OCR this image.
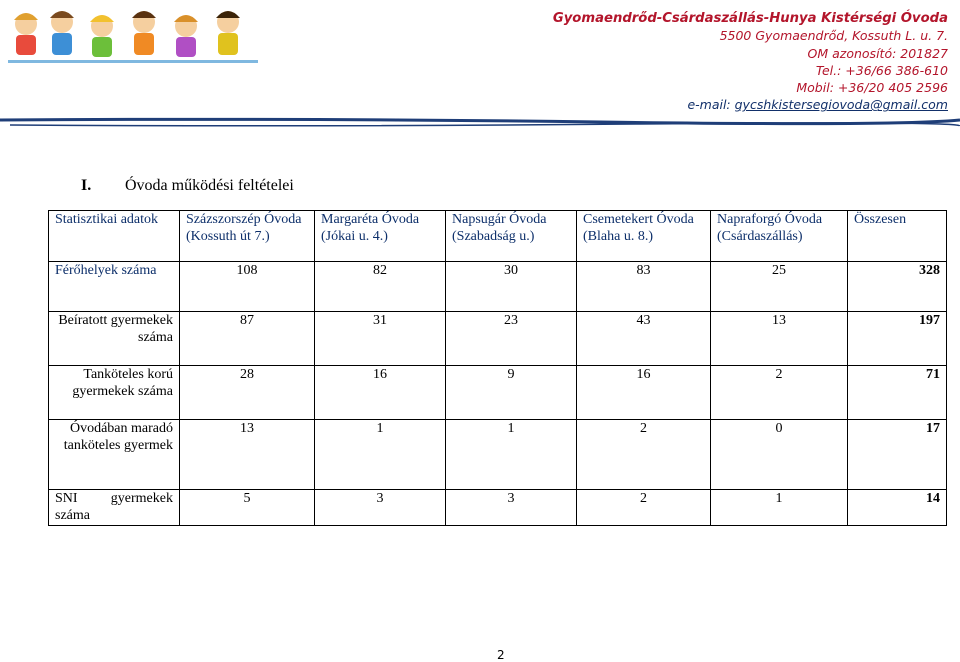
Gyomaendrőd-Csárdaszállás-Hunya Kistérségi Óvoda
5500 Gyomaendrőd, Kossuth L. u. 7.
OM azonosító: 201827
Tel.: +36/66 386-610
Mobil: +36/20 405 2596
e-mail: gycshkistersegiovoda@gmail.com
I. Óvoda működési feltételei
Statisztikai adatok	Százszorszép Óvoda (Kossuth út 7.)	Margaréta Óvoda (Jókai u. 4.)	Napsugár Óvoda (Szabadság u.)	Csemetekert Óvoda (Blaha u. 8.)	Napraforgó Óvoda (Csárdaszállás)	Összesen
Férőhelyek száma	108	82	30	83	25	328
Beíratott gyermekek száma	87	31	23	43	13	197
Tanköteles korú gyermekek száma	28	16	9	16	2	71
Óvodában maradó tanköteles gyermek	13	1	1	2	0	17
SNI gyermekek száma	5	3	3	2	1	14
2
